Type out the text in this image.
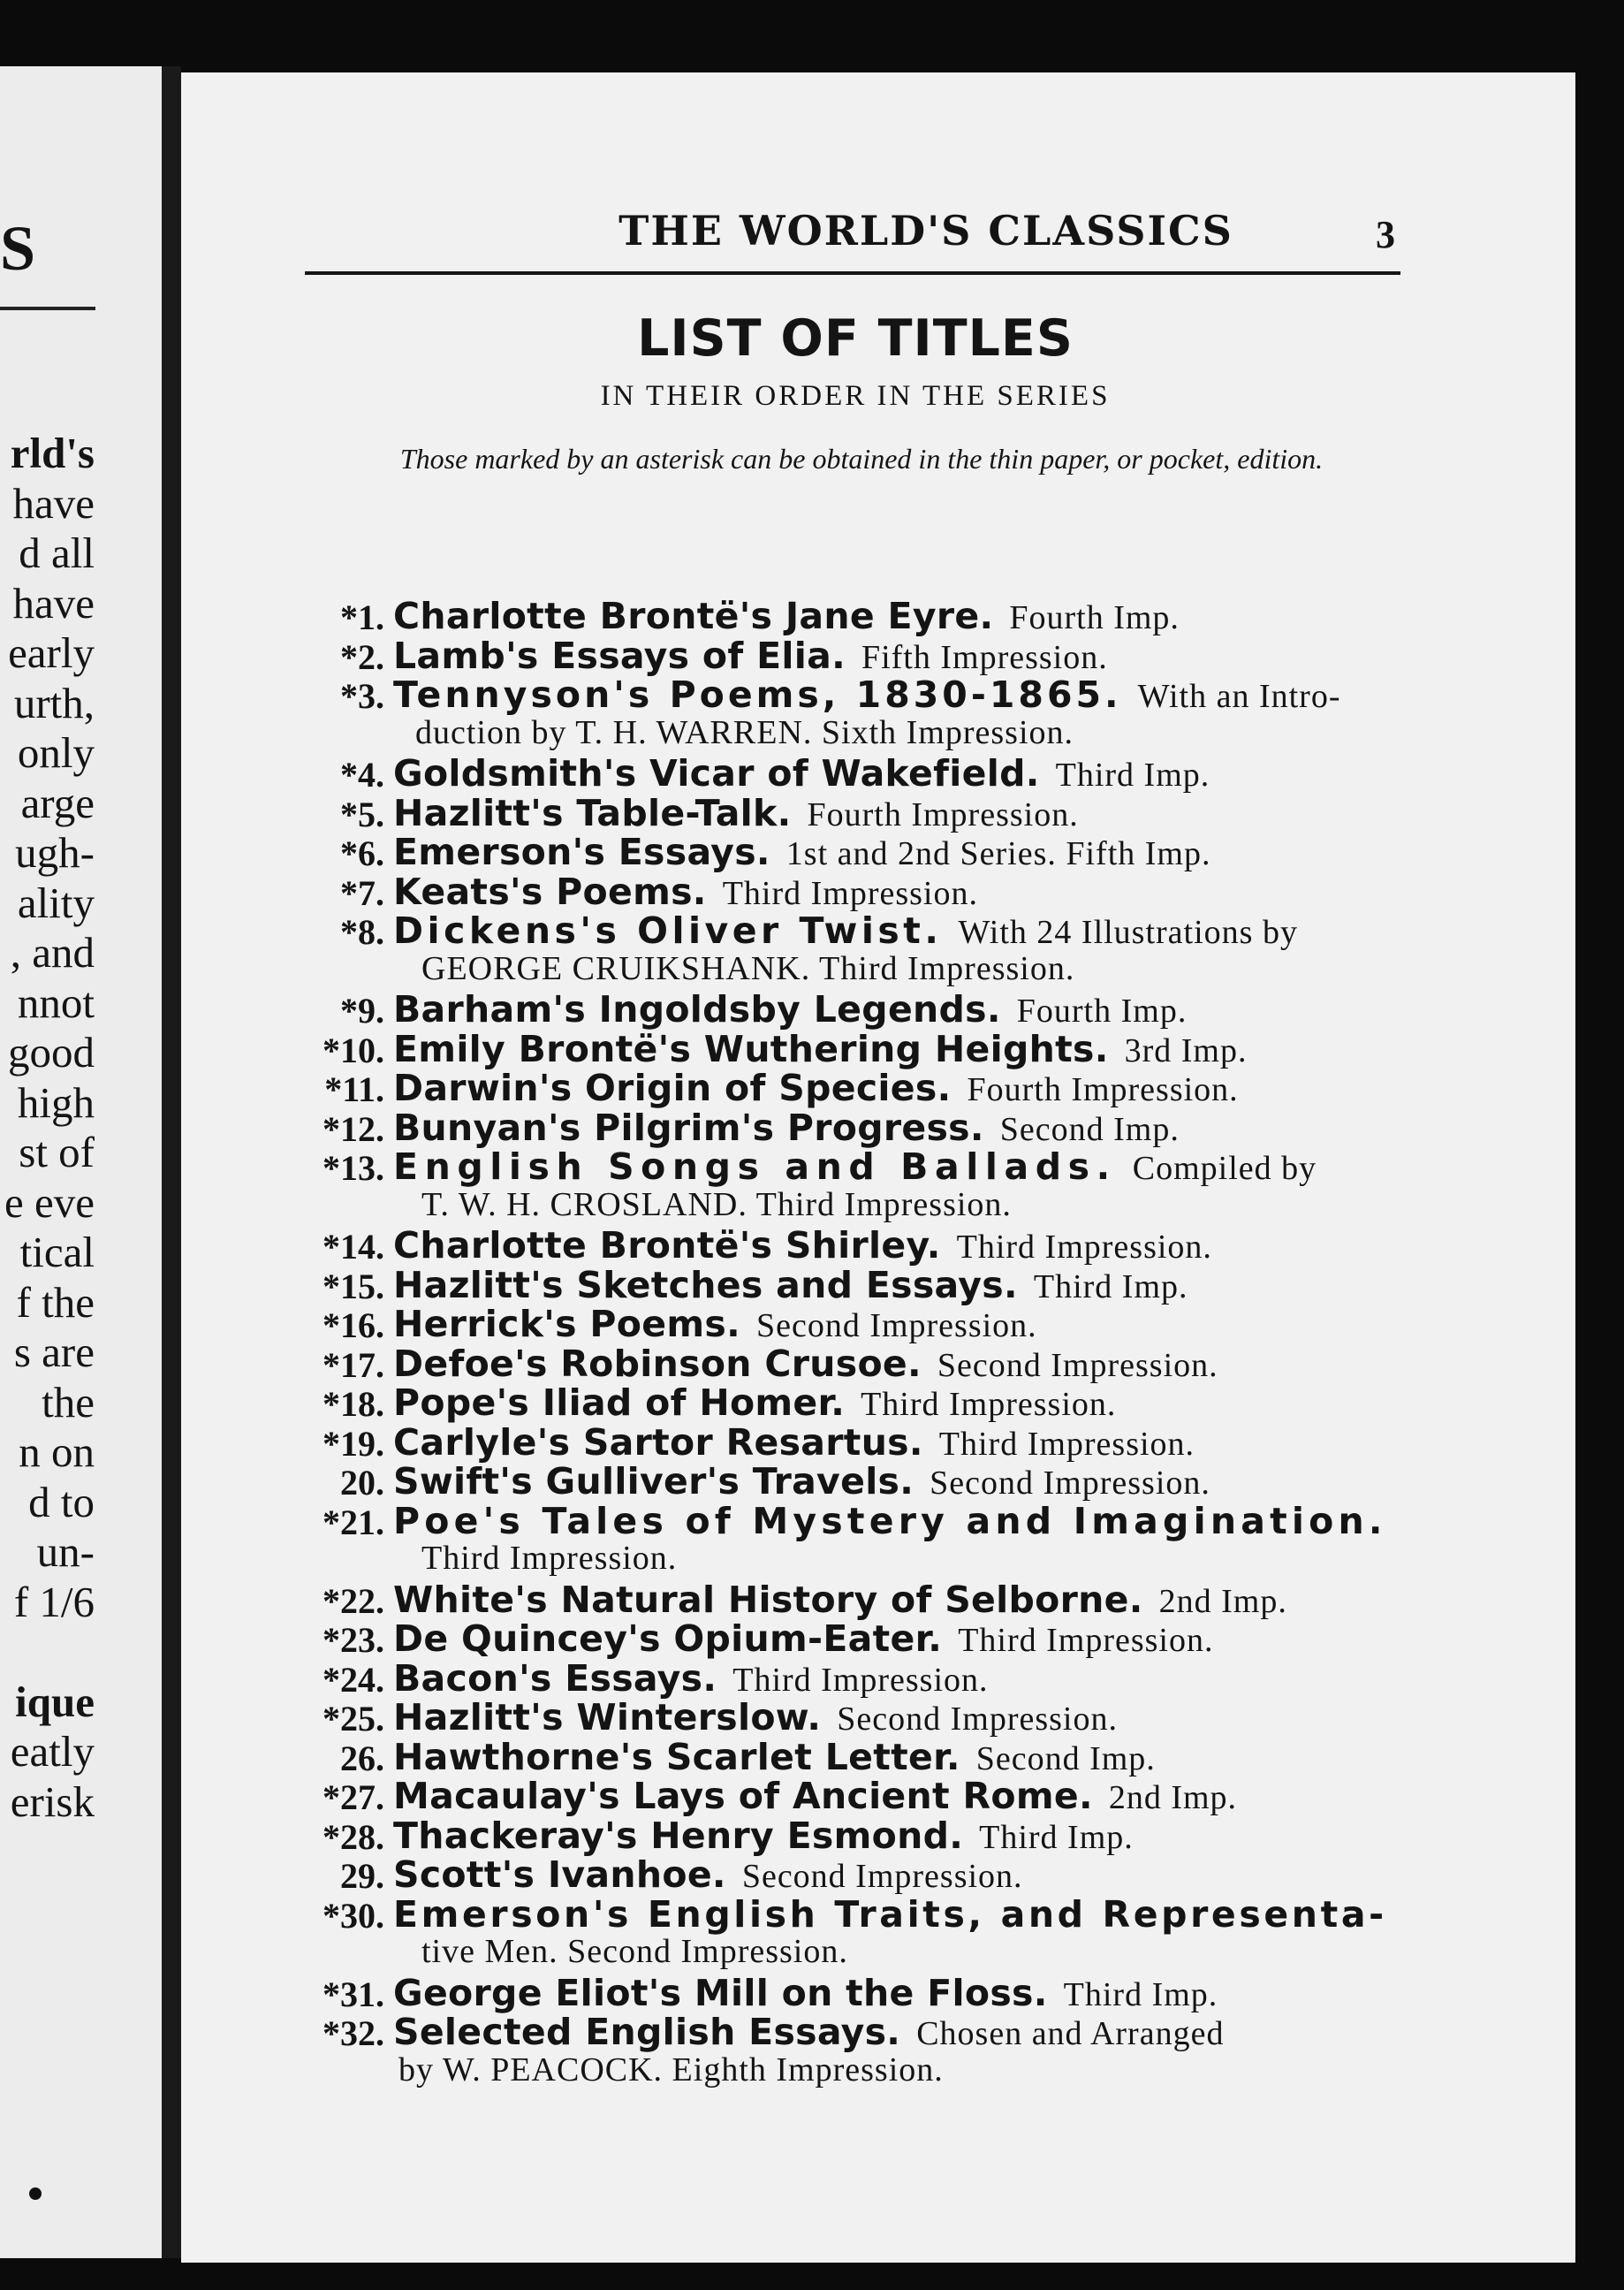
S
rld's
have
d all
have
early
urth,
only
arge
ugh-
ality
, and
nnot
good
high
st of
e eve
tical
f the
s are
the
n on
d to
un-
f 1/6

ique
eatly
erisk
THE WORLD'S CLASSICS	3
LIST OF TITLES
IN THEIR ORDER IN THE SERIES
Those marked by an asterisk can be obtained in the thin paper, or pocket, edition.
*1. Charlotte Brontë's Jane Eyre. Fourth Imp.
*2. Lamb's Essays of Elia. Fifth Impression.
*3. Tennyson's Poems, 1830-1865. With an Intro-
duction by T. H. WARREN. Sixth Impression.
*4. Goldsmith's Vicar of Wakefield. Third Imp.
*5. Hazlitt's Table-Talk. Fourth Impression.
*6. Emerson's Essays. 1st and 2nd Series. Fifth Imp.
*7. Keats's Poems. Third Impression.
*8. Dickens's Oliver Twist. With 24 Illustrations by
GEORGE CRUIKSHANK. Third Impression.
*9. Barham's Ingoldsby Legends. Fourth Imp.
*10. Emily Brontë's Wuthering Heights. 3rd Imp.
*11. Darwin's Origin of Species. Fourth Impression.
*12. Bunyan's Pilgrim's Progress. Second Imp.
*13. English Songs and Ballads. Compiled by
T. W. H. CROSLAND. Third Impression.
*14. Charlotte Brontë's Shirley. Third Impression.
*15. Hazlitt's Sketches and Essays. Third Imp.
*16. Herrick's Poems. Second Impression.
*17. Defoe's Robinson Crusoe. Second Impression.
*18. Pope's Iliad of Homer. Third Impression.
*19. Carlyle's Sartor Resartus. Third Impression.
20. Swift's Gulliver's Travels. Second Impression.
*21. Poe's Tales of Mystery and Imagination.
Third Impression.
*22. White's Natural History of Selborne. 2nd Imp.
*23. De Quincey's Opium-Eater. Third Impression.
*24. Bacon's Essays. Third Impression.
*25. Hazlitt's Winterslow. Second Impression.
26. Hawthorne's Scarlet Letter. Second Imp.
*27. Macaulay's Lays of Ancient Rome. 2nd Imp.
*28. Thackeray's Henry Esmond. Third Imp.
29. Scott's Ivanhoe. Second Impression.
*30. Emerson's English Traits, and Representa-
tive Men. Second Impression.
*31. George Eliot's Mill on the Floss. Third Imp.
*32. Selected English Essays. Chosen and Arranged
by W. PEACOCK. Eighth Impression.
